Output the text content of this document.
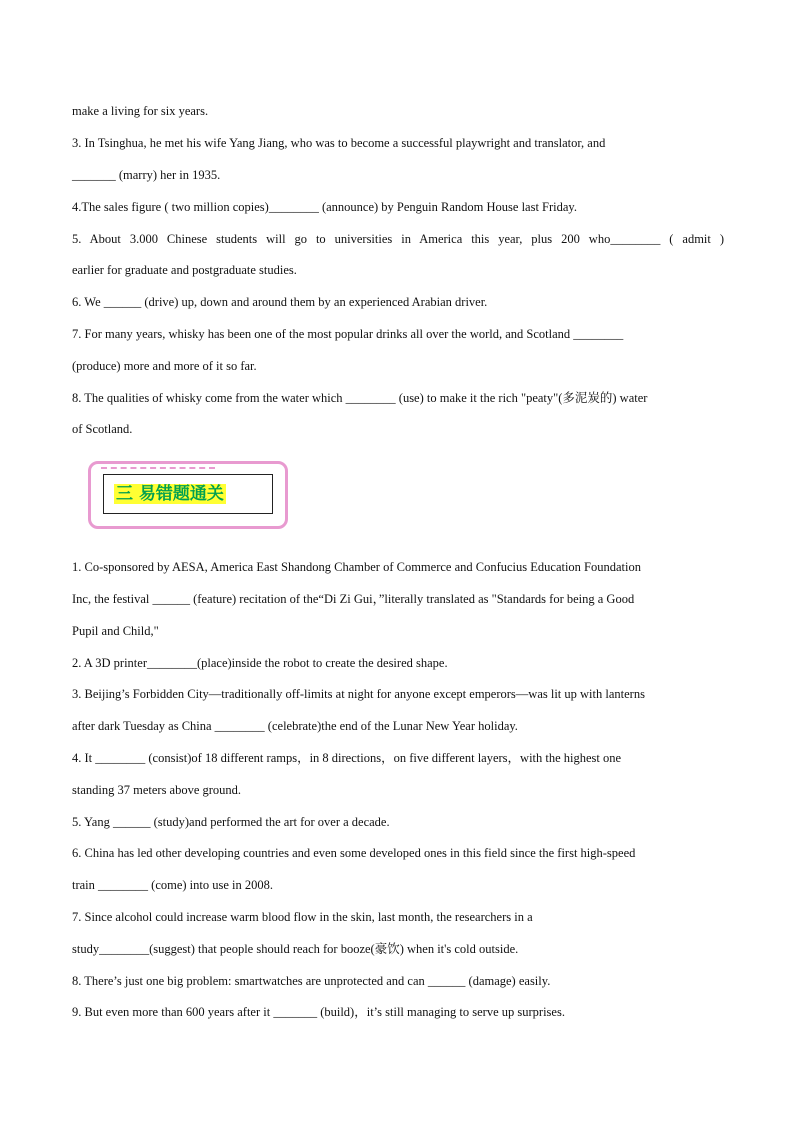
make a living for six years.
3. In Tsinghua, he met his wife Yang Jiang, who was to become a successful playwright and translator, and
_______ (marry) her in 1935.
4.The sales figure ( two million copies)________ (announce) by Penguin Random House last Friday.
5. About 3.000 Chinese students will go to universities in America this year, plus 200 who________ ( admit )
earlier for graduate and postgraduate studies.
6. We ______ (drive) up, down and around them by an experienced Arabian driver.
7. For many years, whisky has been one of the most popular drinks all over the world, and Scotland ________
(produce) more and more of it so far.
8. The qualities of whisky come from the water which ________ (use) to make it the rich "peaty"(多泥炭的) water
of Scotland.
三 易错题通关
1. Co-sponsored by AESA, America East Shandong Chamber of Commerce and Confucius Education Foundation
Inc, the festival ______ (feature) recitation of the“Di Zi Gui，”literally translated as "Standards for being a Good
Pupil and Child,"
2. A 3D printer________(place)inside the robot to create the desired shape.
3. Beijing’s Forbidden City—traditionally off-limits at night for anyone except emperors—was lit up with lanterns
after dark Tuesday as China ________ (celebrate)the end of the Lunar New Year holiday.
4. It ________ (consist)of 18 different ramps，in 8 directions，on five different layers，with the highest one
standing 37 meters above ground.
5. Yang ______ (study)and performed the art for over a decade.
6. China has led other developing countries and even some developed ones in this field since the first high-speed
train ________ (come) into use in 2008.
7. Since alcohol could increase warm blood flow in the skin, last month, the researchers in a
study________(suggest) that people should reach for booze(豪饮) when it's cold outside.
8. There’s just one big problem: smartwatches are unprotected and can ______ (damage) easily.
9. But even more than 600 years after it _______ (build)，it’s still managing to serve up surprises.
